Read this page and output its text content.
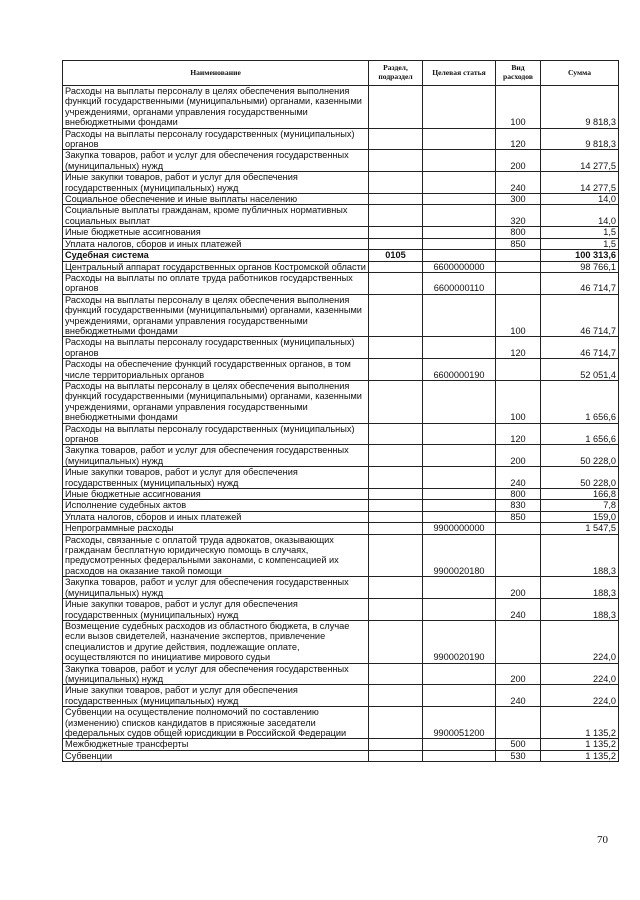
Наименование	Раздел, подраздел	Целевая статья	Вид расходов	Сумма
Расходы на выплаты персоналу в целях обеспечения выполнения функций государственными (муниципальными) органами, казенными учреждениями, органами управления государственными внебюджетными фондами			100	9 818,3
Расходы на выплаты персоналу государственных (муниципальных) органов			120	9 818,3
Закупка товаров, работ и услуг для обеспечения государственных (муниципальных) нужд			200	14 277,5
Иные закупки товаров, работ и услуг для обеспечения государственных (муниципальных) нужд			240	14 277,5
Социальное обеспечение и иные выплаты населению			300	14,0
Социальные выплаты гражданам, кроме публичных нормативных социальных выплат			320	14,0
Иные бюджетные ассигнования			800	1,5
Уплата налогов, сборов и иных платежей			850	1,5
Судебная система	0105			100 313,6
Центральный аппарат государственных органов Костромской области		6600000000		98 766,1
Расходы на выплаты по оплате труда работников государственных органов		6600000110		46 714,7
Расходы на выплаты персоналу в целях обеспечения выполнения функций государственными (муниципальными) органами, казенными учреждениями, органами управления государственными внебюджетными фондами			100	46 714,7
Расходы на выплаты персоналу государственных (муниципальных) органов			120	46 714,7
Расходы на обеспечение функций государственных органов, в том числе территориальных органов		6600000190		52 051,4
Расходы на выплаты персоналу в целях обеспечения выполнения функций государственными (муниципальными) органами, казенными учреждениями, органами управления государственными внебюджетными фондами			100	1 656,6
Расходы на выплаты персоналу государственных (муниципальных) органов			120	1 656,6
Закупка товаров, работ и услуг для обеспечения государственных (муниципальных) нужд			200	50 228,0
Иные закупки товаров, работ и услуг для обеспечения государственных (муниципальных) нужд			240	50 228,0
Иные бюджетные ассигнования			800	166,8
Исполнение судебных актов			830	7,8
Уплата налогов, сборов и иных платежей			850	159,0
Непрограммные расходы		9900000000		1 547,5
Расходы, связанные с оплатой труда адвокатов, оказывающих гражданам бесплатную юридическую помощь в случаях, предусмотренных федеральными законами, с компенсацией их расходов на оказание такой помощи		9900020180		188,3
Закупка товаров, работ и услуг для обеспечения государственных (муниципальных) нужд			200	188,3
Иные закупки товаров, работ и услуг для обеспечения государственных (муниципальных) нужд			240	188,3
Возмещение судебных расходов из областного бюджета, в случае если вызов свидетелей, назначение экспертов, привлечение специалистов и другие действия, подлежащие оплате, осуществляются по инициативе мирового судьи		9900020190		224,0
Закупка товаров, работ и услуг для обеспечения государственных (муниципальных) нужд			200	224,0
Иные закупки товаров, работ и услуг для обеспечения государственных (муниципальных) нужд			240	224,0
Субвенции на осуществление полномочий по составлению (изменению) списков кандидатов в присяжные заседатели федеральных судов общей юрисдикции в Российской Федерации		9900051200		1 135,2
Межбюджетные трансферты			500	1 135,2
Субвенции			530	1 135,2
70
